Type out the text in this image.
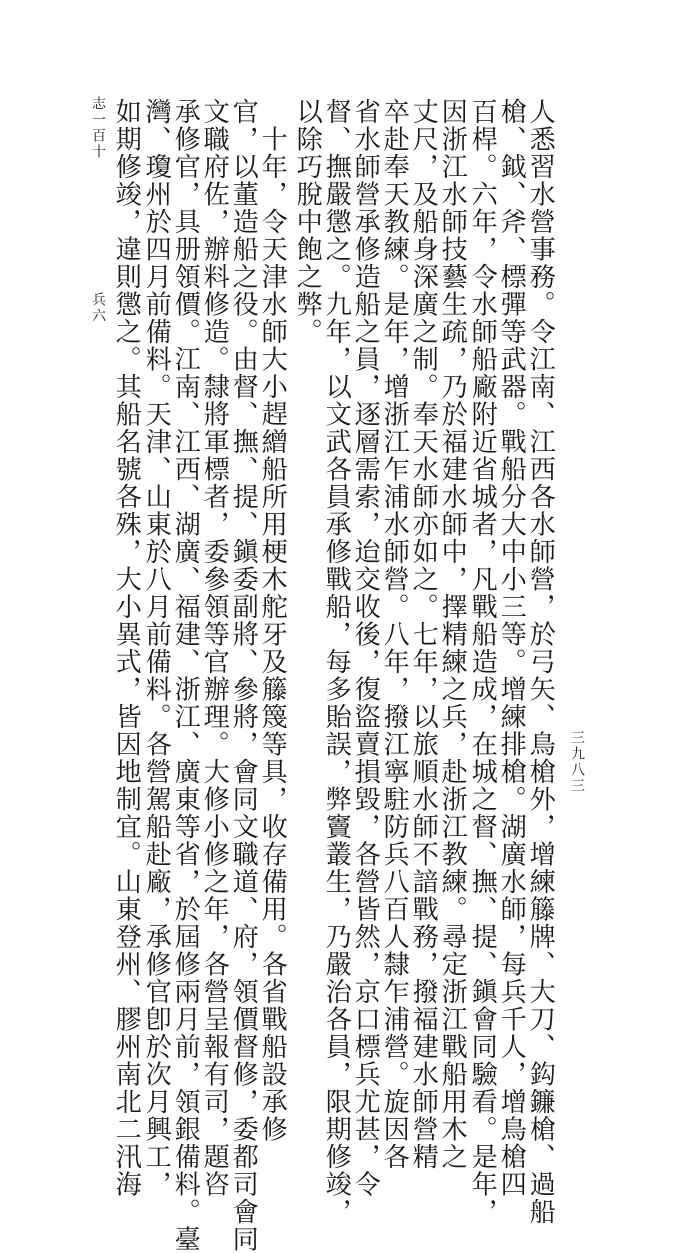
志一百十
兵六 如期修竣，違則懲之。其船名號各殊，大小異式，皆因地制宜。山東登州、膠州南北二汛海 灣、瓊州於四月前備料。天津、山東於八月前備料。各營駕船赴廠，承修官卽於次月興工， 承修官，具册領價。江南、江西、湖廣、福建、浙江、廣東等省，於屆修兩月前，領銀備料。臺 文職府佐，辦料修造。隸將軍標者，委參領等官辦理。大修小修之年，各營呈報有司，題咨 官，以董造船之役。由督、撫、提、鎭委副將、參將，會同文職道、府，領價督修，委都司會同 　十年，令天津水師大小趕繒船所用梗木舵牙及籐篾等具，收存備用。各省戰船設承修 以除巧脫中飽之弊。 督、撫嚴懲之。九年，以文武各員承修戰船，每多貽誤，弊竇叢生，乃嚴治各員，限期修竣， 省水師營承修造船之員，逐層需索，迨交收後，復盜賣損毀，各營皆然，京口標兵尤甚，令 卒赴奉天教練。是年，增浙江乍浦水師營。八年，撥江寧駐防兵八百人隸乍浦營。旋因各 丈尺，及船身深廣之制。奉天水師亦如之。七年，以旅順水師不諳戰務，撥福建水師營精 因浙江水師技藝生疏，乃於福建水師中，擇精練之兵，赴浙江教練。尋定浙江戰船用木之 百桿。六年，令水師船廠附近省城者，凡戰船造成，在城之督、撫、提、鎭會同驗看。是年， 槍、鉞、斧、標彈等武器。戰船分大中小三等。增練排槍。湖廣水師，每兵千人，增鳥槍四 人悉習水營事務。令江南、江西各水師營，於弓矢、鳥槍外，增練籐牌、大刀、鈎鐮槍、過船 三九八三
